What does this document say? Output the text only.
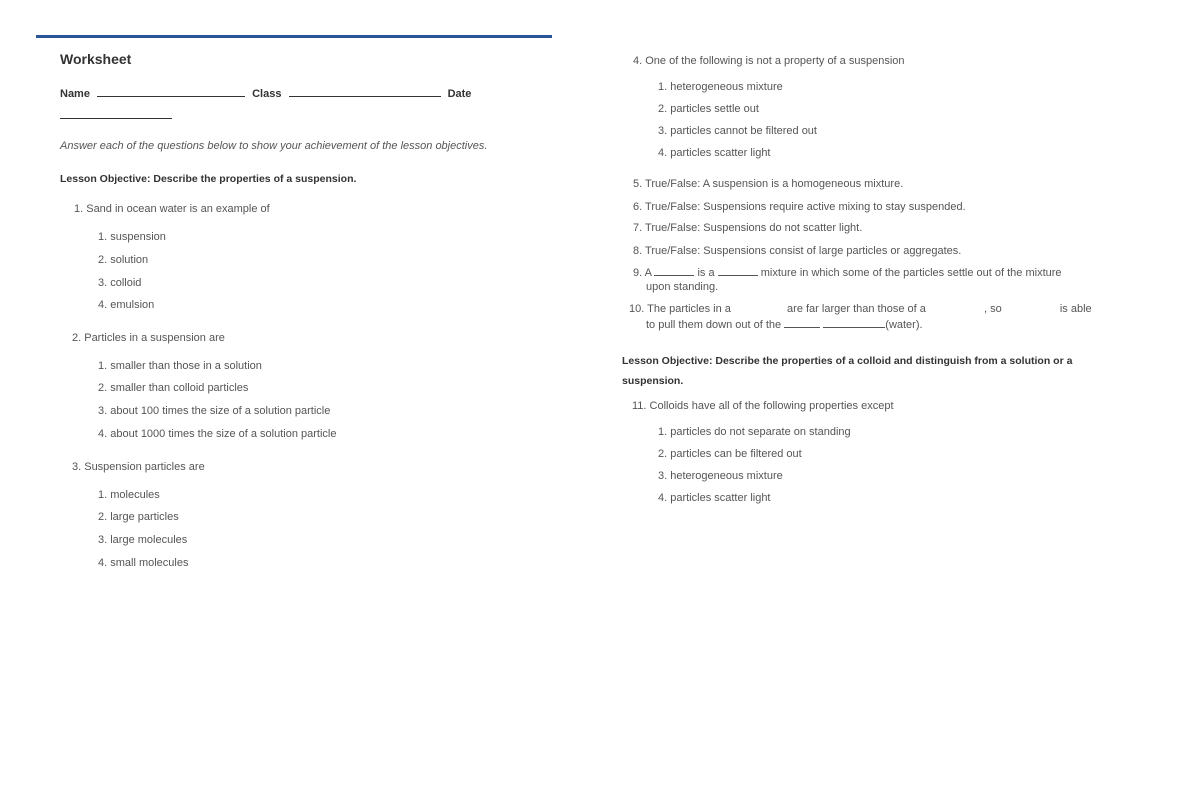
Worksheet
Name	Class	Date
Answer each of the questions below to show your achievement of the lesson objectives.
Lesson Objective: Describe the properties of a suspension.
1. Sand in ocean water is an example of
1. suspension
2. solution
3. colloid
4. emulsion
2. Particles in a suspension are
1. smaller than those in a solution
2. smaller than colloid particles
3. about 100 times the size of a solution particle
4. about 1000 times the size of a solution particle
3. Suspension particles are
1. molecules
2. large particles
3. large molecules
4. small molecules
4. One of the following is not a property of a suspension
1. heterogeneous mixture
2. particles settle out
3. particles cannot be filtered out
4. particles scatter light
5. True/False: A suspension is a homogeneous mixture.
6. True/False: Suspensions require active mixing to stay suspended.
7. True/False: Suspensions do not scatter light.
8. True/False: Suspensions consist of large particles or aggregates.
9. A	is a	mixture in which some of the particles settle out of the mixture
upon standing.
10. The particles in a	are far larger than those of a	, so	is able
to pull them down out of the	(water).
Lesson Objective: Describe the properties of a colloid and distinguish from a solution or a suspension.
11. Colloids have all of the following properties except
1. particles do not separate on standing
2. particles can be filtered out
3. heterogeneous mixture
4. particles scatter light
